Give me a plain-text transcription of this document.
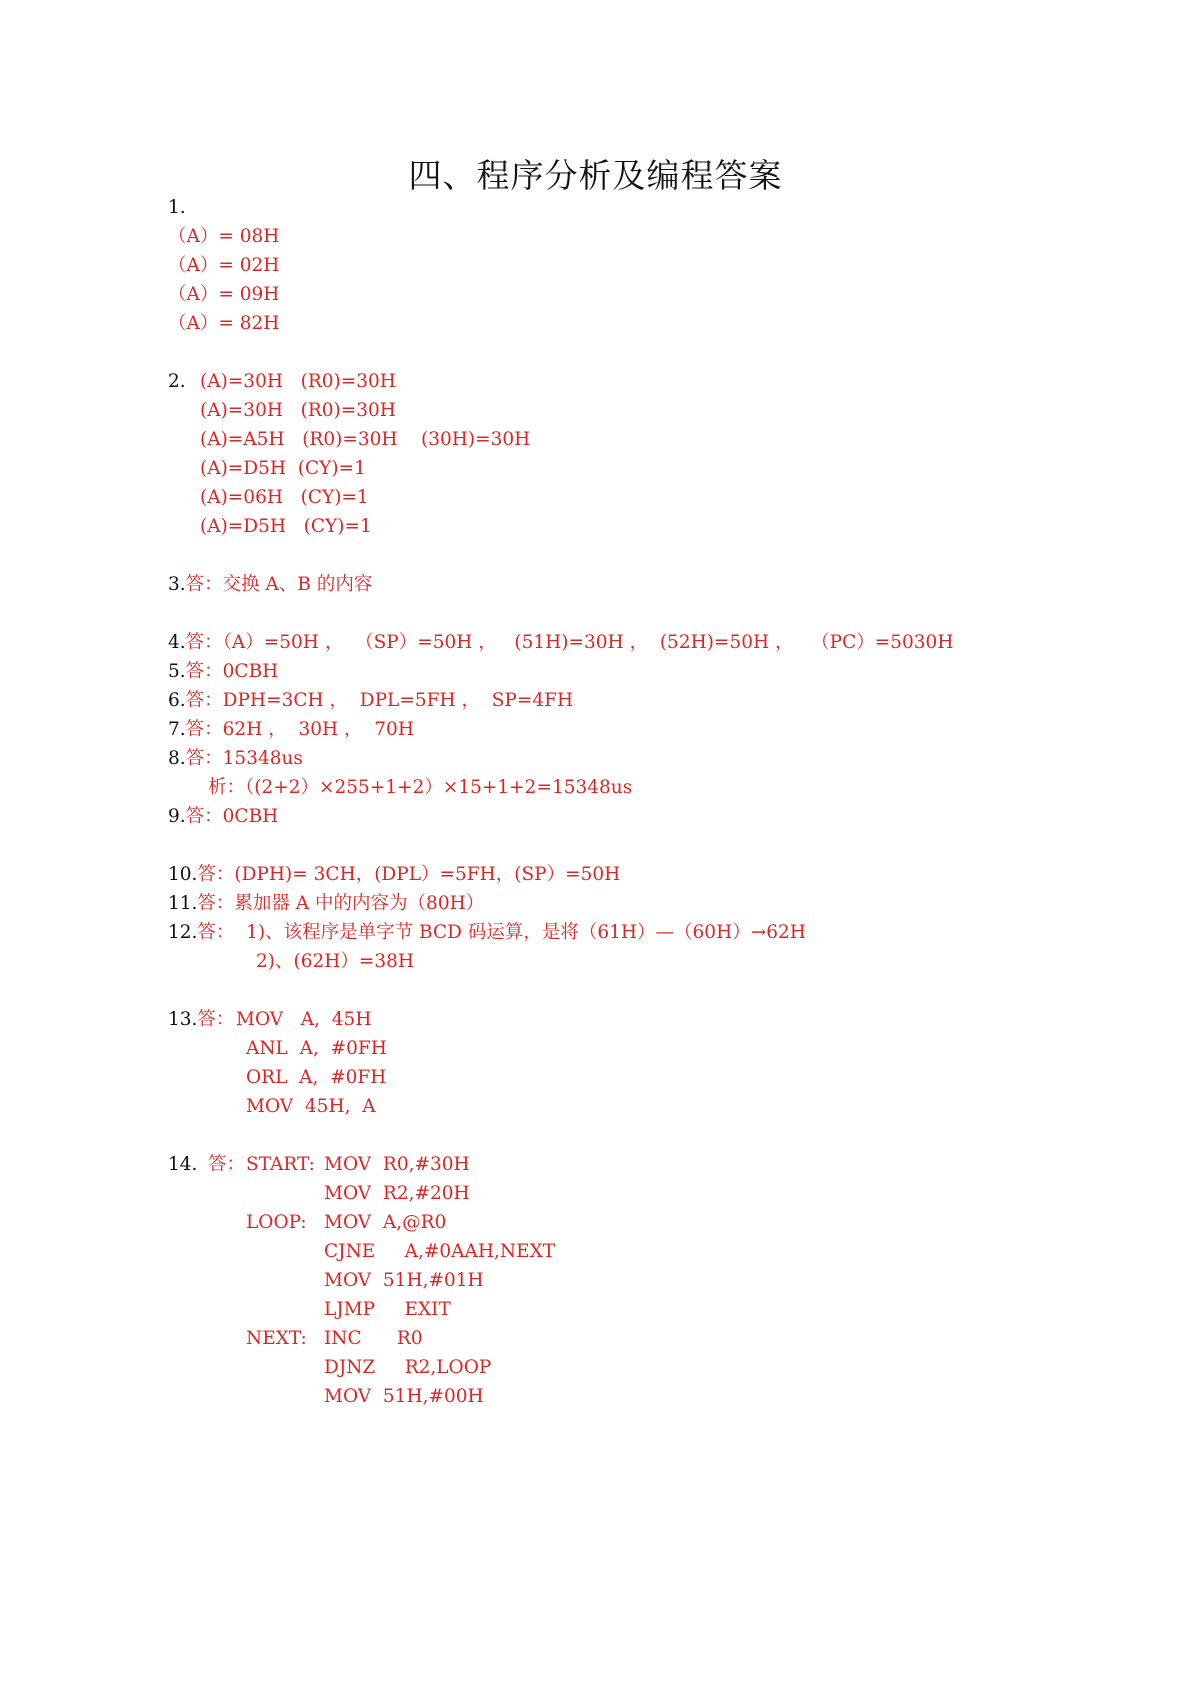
四、程序分析及编程答案
1.
（A）= 08H
（A）= 02H
（A）= 09H
（A）= 82H
2. (A)=30H   (R0)=30H
(A)=30H   (R0)=30H
(A)=A5H   (R0)=30H    (30H)=30H
(A)=D5H  (CY)=1
(A)=06H   (CY)=1
(A)=D5H   (CY)=1
3.答：交换 A、B 的内容
4.答：（A）=50H ，  （SP）=50H ，   (51H)=30H ，  (52H)=50H ，   （PC）=5030H
5.答：0CBH
6.答：DPH=3CH ，  DPL=5FH ，  SP=4FH
7.答：62H ，  30H ，  70H
8.答：15348us
析：（(2+2）×255+1+2）×15+1+2=15348us
9.答：0CBH
10.答：(DPH)= 3CH，(DPL）=5FH，(SP）=50H
11.答：累加器 A 中的内容为（80H）
12.答：  1)、该程序是单字节 BCD 码运算，是将（61H）—（60H）→62H
2)、(62H）=38H
13.答： MOV   A,  45H
ANL  A,  #0FH
ORL  A,  #0FH
MOV  45H,  A
14. 答： START: MOV  R0,#30H
MOV  R2,#20H
LOOP: MOV  A,@R0
CJNE     A,#0AAH,NEXT
MOV  51H,#01H
LJMP     EXIT
NEXT: INC      R0
DJNZ     R2,LOOP
MOV  51H,#00H
